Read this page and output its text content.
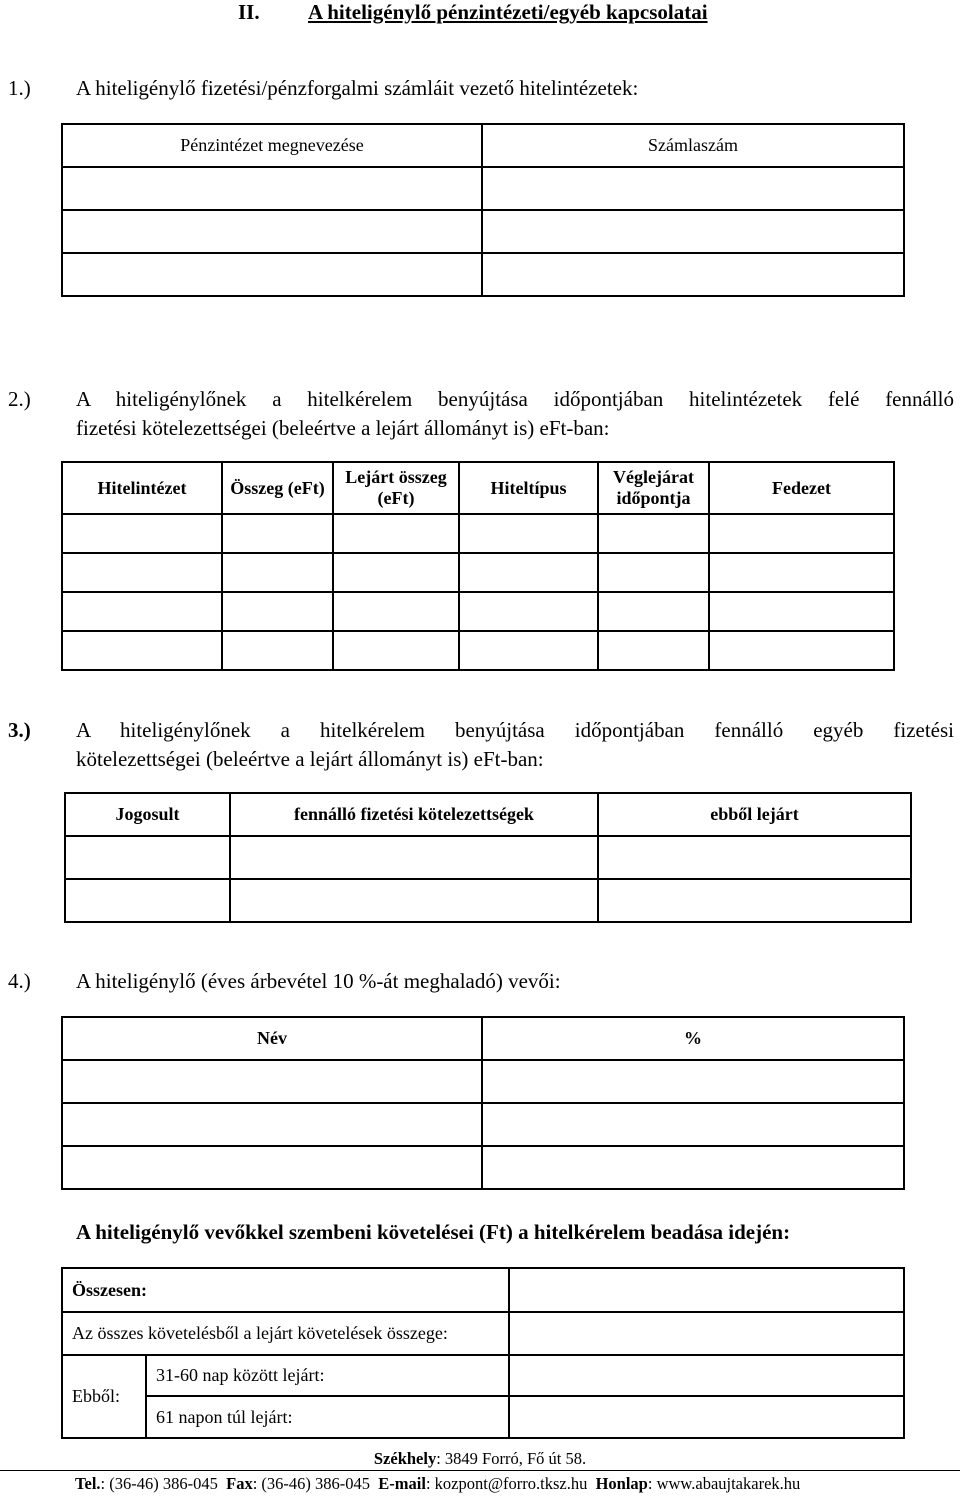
II. A hiteligénylő pénzintézeti/egyéb kapcsolatai
1.) A hiteligénylő fizetési/pénzforgalmi számláit vezető hitelintézetek:
Pénzintézet megnevezése	Számlaszám

2.) A hiteligénylőnek a hitelkérelem benyújtása időpontjában hitelintézetek felé fennálló
fizetési kötelezettségei (beleértve a lejárt állományt is) eFt-ban:
Hitelintézet	Összeg (eFt)	Lejárt összeg (eFt)	Hiteltípus	Véglejárat időpontja	Fedezet

3.) A hiteligénylőnek a hitelkérelem benyújtása időpontjában fennálló egyéb fizetési
kötelezettségei (beleértve a lejárt állományt is) eFt-ban:
Jogosult	fennálló fizetési kötelezettségek	ebből lejárt

4.) A hiteligénylő (éves árbevétel 10 %-át meghaladó) vevői:
Név	%

A hiteligénylő vevőkkel szembeni követelései (Ft) a hitelkérelem beadása idején:
Összesen:		
Az összes követelésből a lejárt követelések összege:		
Ebből:	31-60 nap között lejárt:	
	61 napon túl lejárt:	
Székhely: 3849 Forró, Fő út 58.
Tel.: (36-46) 386-045 Fax: (36-46) 386-045 E-mail: kozpont@forro.tksz.hu Honlap: www.abaujtakarek.hu
